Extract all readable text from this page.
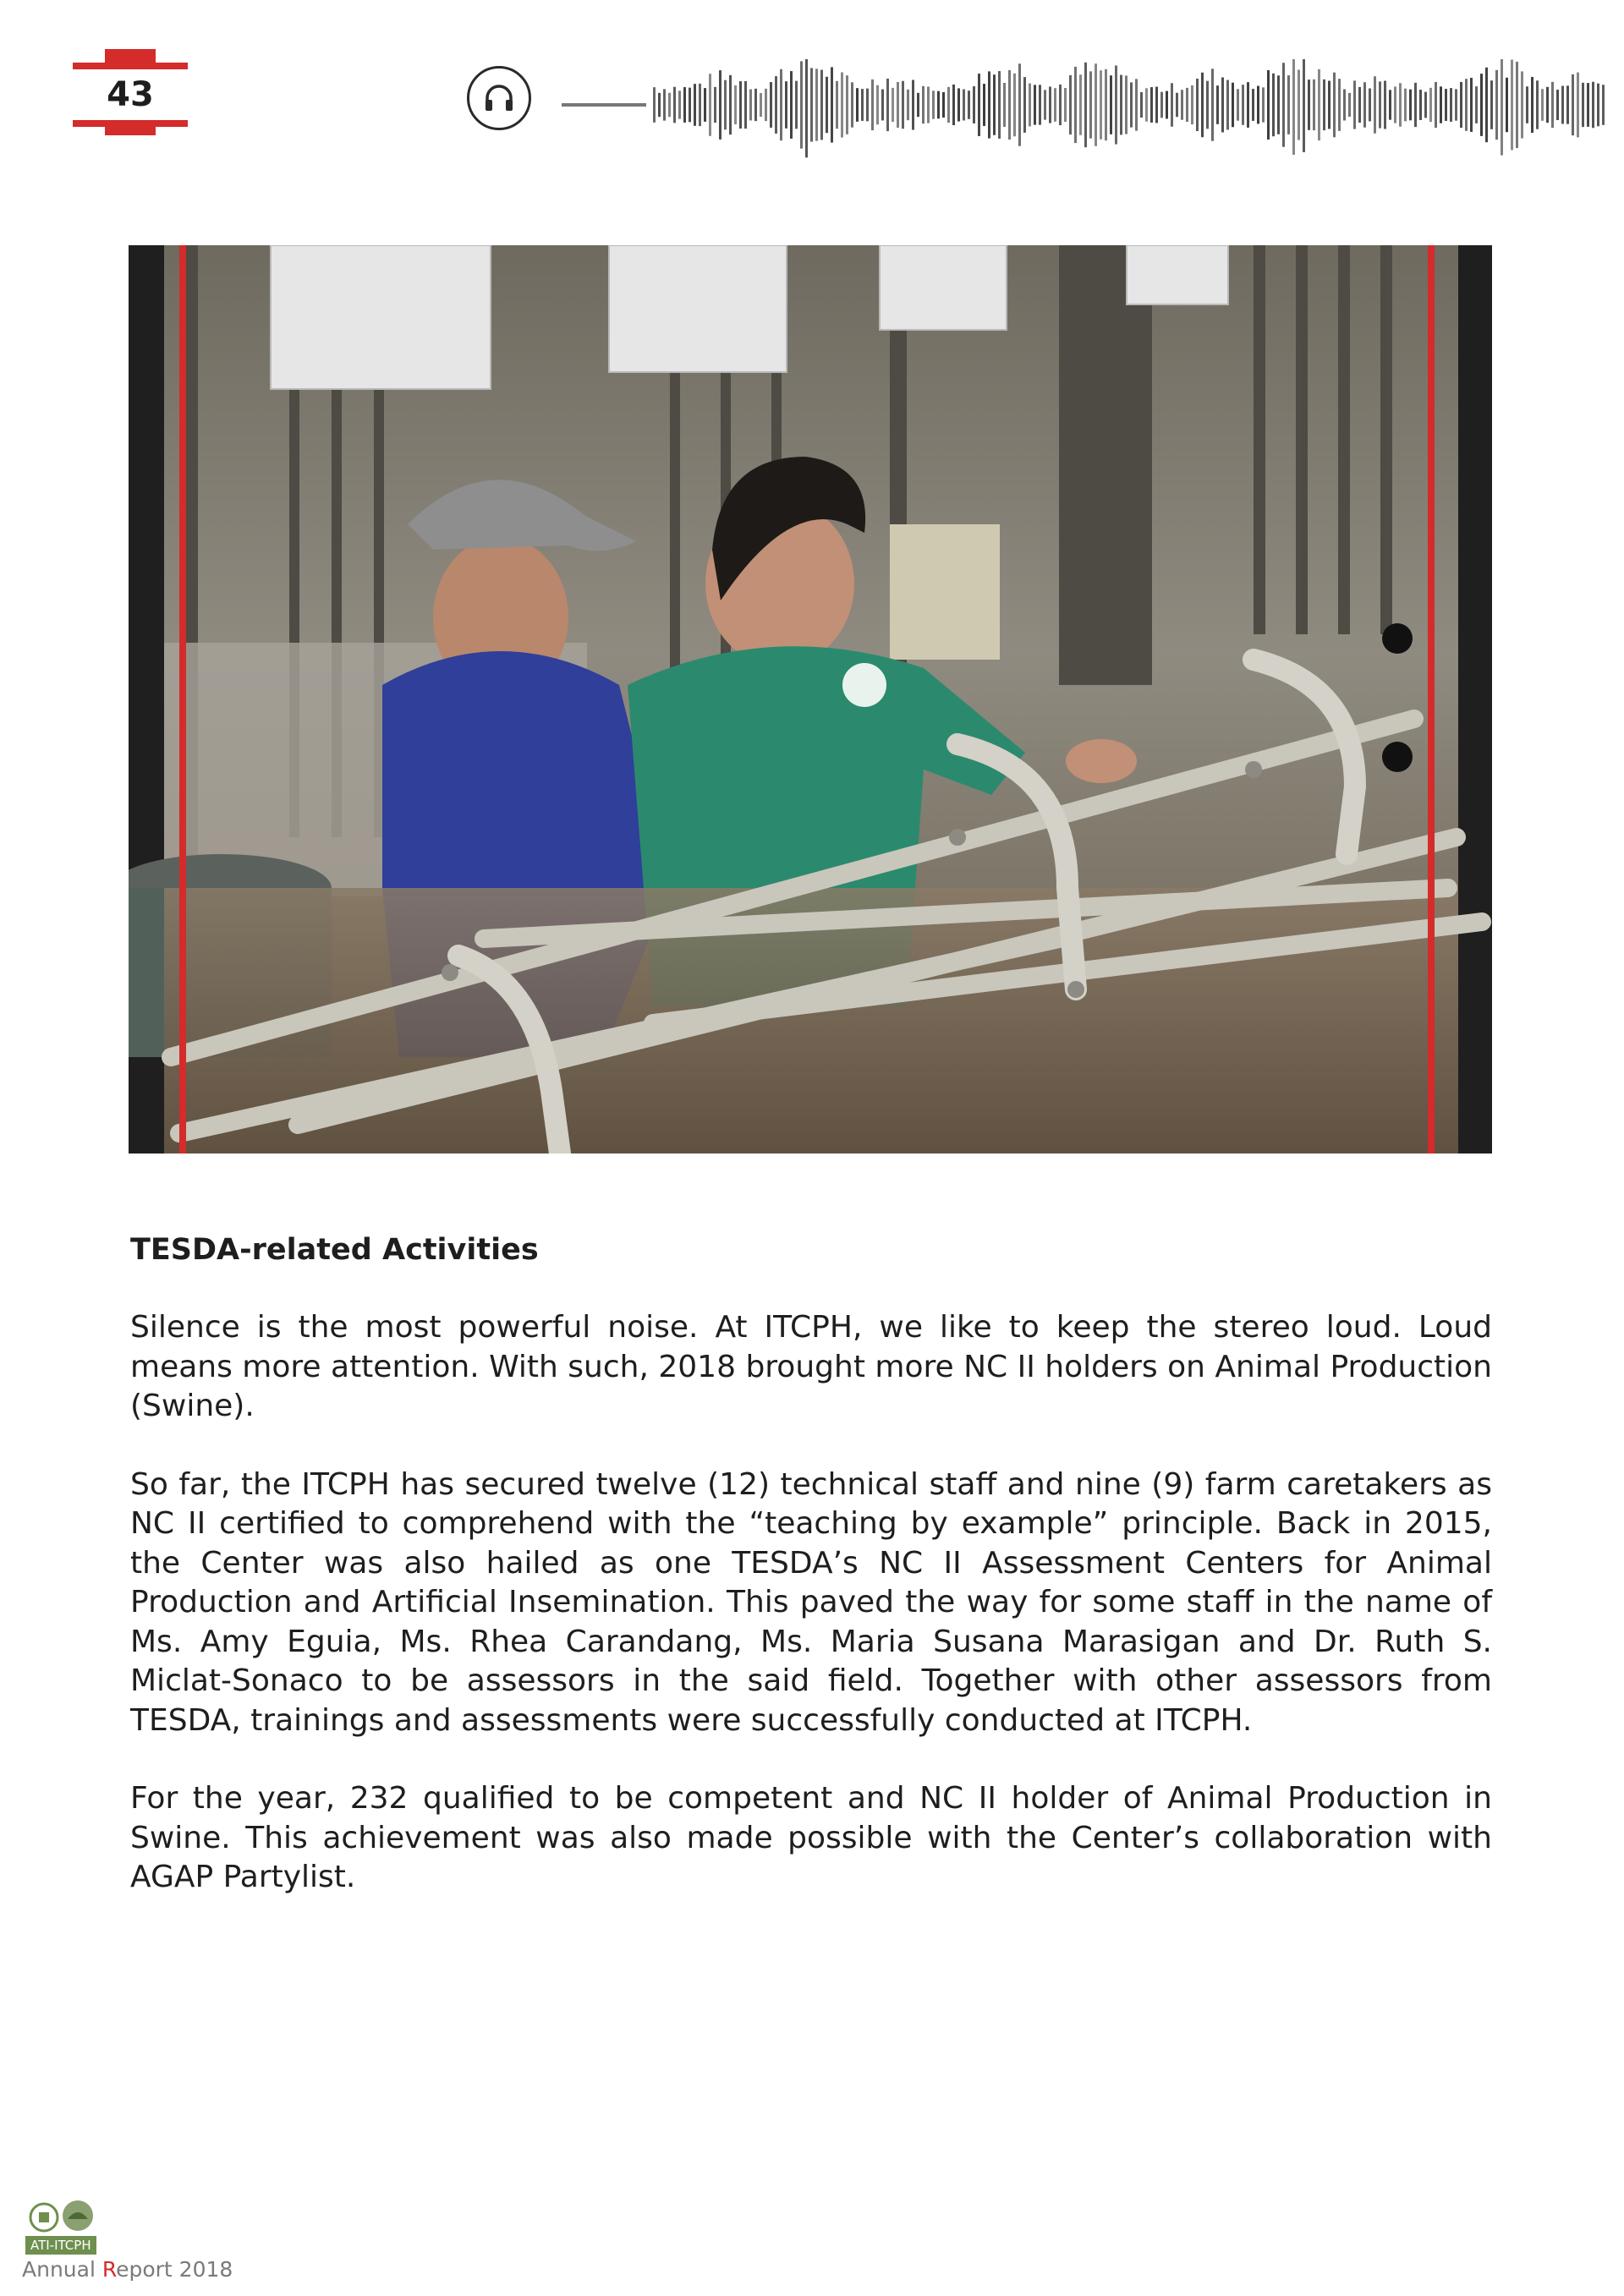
43
TESDA-related Activities

Silence is the most powerful noise. At ITCPH, we like to keep the stereo loud. Loud means more attention. With such, 2018 brought more NC II holders on Animal Production (Swine).

So far, the ITCPH has secured twelve (12) technical staff and nine (9) farm caretakers as NC II certified to comprehend with the “teaching by example” principle. Back in 2015, the Center was also hailed as one TESDA’s NC II Assessment Centers for Animal Production and Artificial Insemination. This paved the way for some staff in the name of Ms. Amy Eguia, Ms. Rhea Carandang, Ms. Maria Susana Marasigan and Dr. Ruth S. Miclat-Sonaco to be assessors in the said field. Together with other assessors from TESDA, trainings and assessments were successfully conducted at ITCPH.

For the year, 232 qualified to be competent and NC II holder of Animal Production in Swine. This achievement was also made possible with the Center’s collaboration with AGAP Partylist.

ATI-ITCPH
Annual Report 2018
